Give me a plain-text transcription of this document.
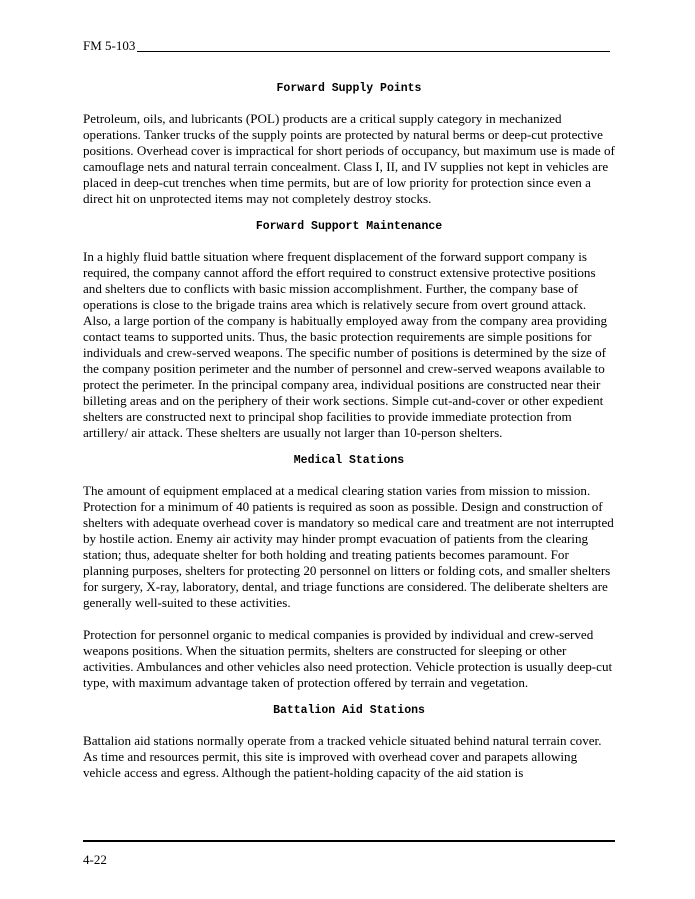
FM 5-103
Forward Supply Points

Petroleum, oils, and lubricants (POL) products are a critical supply category in mechanized operations. Tanker trucks of the supply points are protected by natural berms or deep-cut protective positions. Overhead cover is impractical for short periods of occupancy, but maximum use is made of camouflage nets and natural terrain concealment. Class I, II, and IV supplies not kept in vehicles are placed in deep-cut trenches when time permits, but are of low priority for protection since even a direct hit on unprotected items may not completely destroy stocks.

Forward Support Maintenance

In a highly fluid battle situation where frequent displacement of the forward support company is required, the company cannot afford the effort required to construct extensive protective positions and shelters due to conflicts with basic mission accomplishment. Further, the company base of operations is close to the brigade trains area which is relatively secure from overt ground attack. Also, a large portion of the company is habitually employed away from the company area providing contact teams to supported units. Thus, the basic protection requirements are simple positions for individuals and crew-served weapons. The specific number of positions is determined by the size of the company position perimeter and the number of personnel and crew-served weapons available to protect the perimeter. In the principal company area, individual positions are constructed near their billeting areas and on the periphery of their work sections. Simple cut-and-cover or other expedient shelters are constructed next to principal shop facilities to provide immediate protection from artillery/ air attack. These shelters are usually not larger than 10-person shelters.

Medical Stations

The amount of equipment emplaced at a medical clearing station varies from mission to mission. Protection for a minimum of 40 patients is required as soon as possible. Design and construction of shelters with adequate overhead cover is mandatory so medical care and treatment are not interrupted by hostile action. Enemy air activity may hinder prompt evacuation of patients from the clearing station; thus, adequate shelter for both holding and treating patients becomes paramount. For planning purposes, shelters for protecting 20 personnel on litters or folding cots, and smaller shelters for surgery, X-ray, laboratory, dental, and triage functions are considered. The deliberate shelters are generally well-suited to these activities.

Protection for personnel organic to medical companies is provided by individual and crew-served weapons positions. When the situation permits, shelters are constructed for sleeping or other activities. Ambulances and other vehicles also need protection. Vehicle protection is usually deep-cut type, with maximum advantage taken of protection offered by terrain and vegetation.

Battalion Aid Stations

Battalion aid stations normally operate from a tracked vehicle situated behind natural terrain cover. As time and resources permit, this site is improved with overhead cover and parapets allowing vehicle access and egress. Although the patient-holding capacity of the aid station is

4-22
